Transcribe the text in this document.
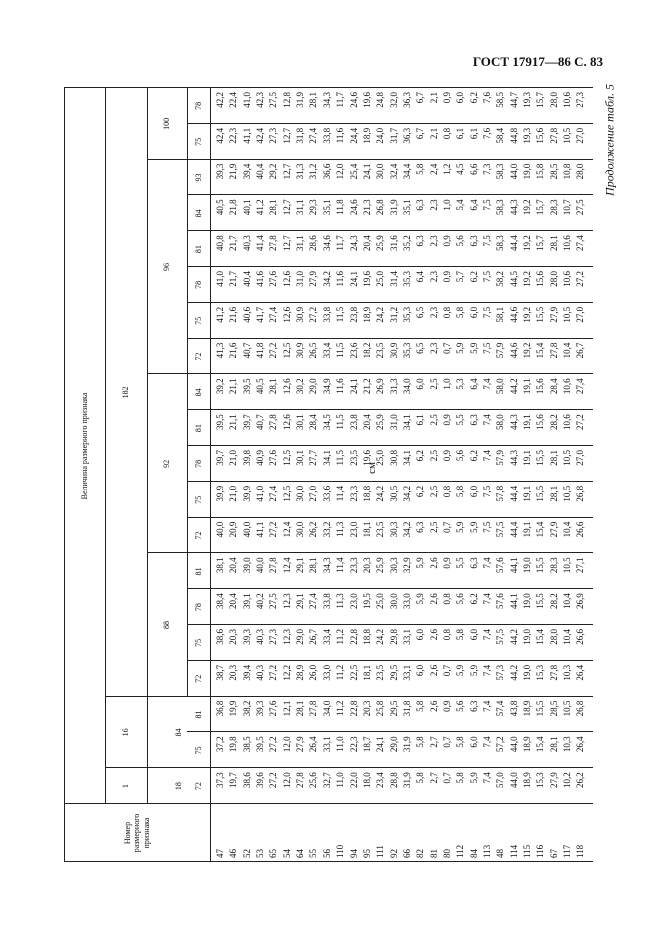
ГОСТ 17917—86 С. 83
см
Продолжение табл. 5
Номер размерного признака
Величина размерного признака
1
16
182
18
84
88
92
96
100
72
75
81
72
75
78
81
72
75
78
81
84
72
75
78
81
84
93
75
78
47
37,3
37,2
36,8
38,7
38,6
38,4
38,1
40,0
39,9
39,7
39,5
39,2
41,3
41,2
41,0
40,8
40,5
39,3
42,4
42,2
46
19,7
19,8
19,9
20,3
20,3
20,4
20,4
20,9
21,0
21,0
21,1
21,1
21,6
21,6
21,7
21,7
21,8
21,9
22,3
22,4
52
38,6
38,5
38,2
39,4
39,3
39,1
39,0
40,0
39,9
39,8
39,7
39,5
40,7
40,6
40,4
40,3
40,1
39,4
41,1
41,0
53
39,6
39,5
39,3
40,3
40,3
40,2
40,0
41,1
41,0
40,9
40,7
40,5
41,8
41,7
41,6
41,4
41,2
40,4
42,4
42,3
65
27,2
27,2
27,6
27,2
27,3
27,5
27,8
27,2
27,4
27,6
27,8
28,1
27,2
27,4
27,6
27,8
28,1
29,2
27,3
27,5
54
12,0
12,0
12,1
12,2
12,3
12,3
12,4
12,4
12,5
12,5
12,6
12,6
12,5
12,6
12,6
12,7
12,7
12,7
12,7
12,8
64
27,8
27,9
28,1
28,9
29,0
29,1
29,1
30,0
30,0
30,1
30,1
30,2
30,9
30,9
31,0
31,1
31,1
31,3
31,8
31,9
55
25,6
26,4
27,8
26,0
26,7
27,4
28,1
26,2
27,0
27,7
28,4
29,0
26,5
27,2
27,9
28,6
29,3
31,2
27,4
28,1
56
32,7
33,1
34,0
33,0
33,4
33,8
34,3
33,2
33,6
34,1
34,5
34,9
33,4
33,8
34,2
34,6
35,1
36,6
33,8
34,3
110
11,0
11,0
11,2
11,2
11,2
11,3
11,4
11,3
11,4
11,5
11,5
11,6
11,5
11,5
11,6
11,7
11,8
12,0
11,6
11,7
94
22,0
22,3
22,8
22,5
22,8
23,0
23,3
23,0
23,3
23,5
23,8
24,1
23,6
23,8
24,1
24,3
24,6
25,4
24,4
24,6
95
18,0
18,7
20,3
18,1
18,8
19,5
20,3
18,1
18,8
19,6
20,4
21,2
18,2
18,9
19,6
20,4
21,3
24,1
18,9
19,6
111
23,4
24,1
25,8
23,5
24,2
25,0
25,9
23,5
24,2
25,0
25,9
26,9
23,5
24,2
25,0
25,9
26,8
30,0
24,0
24,8
92
28,8
29,0
29,5
29,5
29,8
30,0
30,3
30,3
30,5
30,8
31,0
31,3
30,9
31,2
31,4
31,6
31,9
32,4
31,7
32,0
66
31,9
31,9
31,8
33,1
33,1
33,0
32,9
34,2
34,2
34,1
34,1
34,0
35,3
35,3
35,3
35,2
35,1
34,4
36,3
36,3
82
5,8
5,8
5,8
6,0
6,0
5,9
5,9
6,3
6,2
6,2
6,1
6,0
6,5
6,5
6,4
6,3
6,3
5,8
6,7
6,7
81
2,7
2,7
2,6
2,6
2,6
2,6
2,6
2,5
2,5
2,5
2,5
2,5
2,3
2,3
2,3
2,3
2,3
2,4
2,1
2,1
80
0,7
0,7
0,9
0,7
0,8
0,8
0,9
0,7
0,8
0,9
0,9
1,0
0,7
0,8
0,9
0,9
1,0
1,2
0,8
0,9
112
5,8
5,8
5,6
5,9
5,8
5,6
5,5
5,9
5,8
5,6
5,5
5,3
5,9
5,8
5,7
5,6
5,4
4,5
6,1
6,0
84
5,9
6,0
6,3
5,9
6,0
6,2
6,3
5,9
6,0
6,2
6,3
6,4
5,9
6,0
6,2
6,3
6,4
6,6
6,1
6,2
113
7,4
7,4
7,4
7,4
7,4
7,4
7,4
7,5
7,5
7,4
7,4
7,4
7,5
7,5
7,5
7,5
7,5
7,3
7,6
7,6
48
57,0
57,2
57,4
57,3
57,5
57,6
57,6
57,5
57,8
57,9
58,0
58,0
57,9
58,1
58,2
58,3
58,3
58,3
58,4
58,5
114
44,0
44,0
43,8
44,2
44,2
44,1
44,1
44,4
44,4
44,3
44,3
44,2
44,6
44,6
44,5
44,4
44,3
44,0
44,8
44,7
115
18,9
18,9
18,9
19,0
19,0
19,0
19,0
19,1
19,1
19,1
19,1
19,1
19,2
19,2
19,2
19,2
19,2
19,0
19,3
19,3
116
15,3
15,4
15,5
15,3
15,4
15,5
15,5
15,4
15,5
15,5
15,6
15,6
15,4
15,5
15,6
15,7
15,7
15,8
15,6
15,7
67
27,9
28,1
28,5
27,8
28,0
28,2
28,3
27,9
28,1
28,1
28,2
28,4
27,8
27,9
28,0
28,1
28,3
28,5
27,8
28,0
117
10,2
10,3
10,5
10,3
10,4
10,4
10,5
10,4
10,5
10,5
10,6
10,6
10,4
10,5
10,6
10,6
10,7
10,8
10,5
10,6
118
26,2
26,4
26,8
26,4
26,6
26,9
27,1
26,6
26,8
27,0
27,2
27,4
26,7
27,0
27,2
27,4
27,5
28,0
27,0
27,3
